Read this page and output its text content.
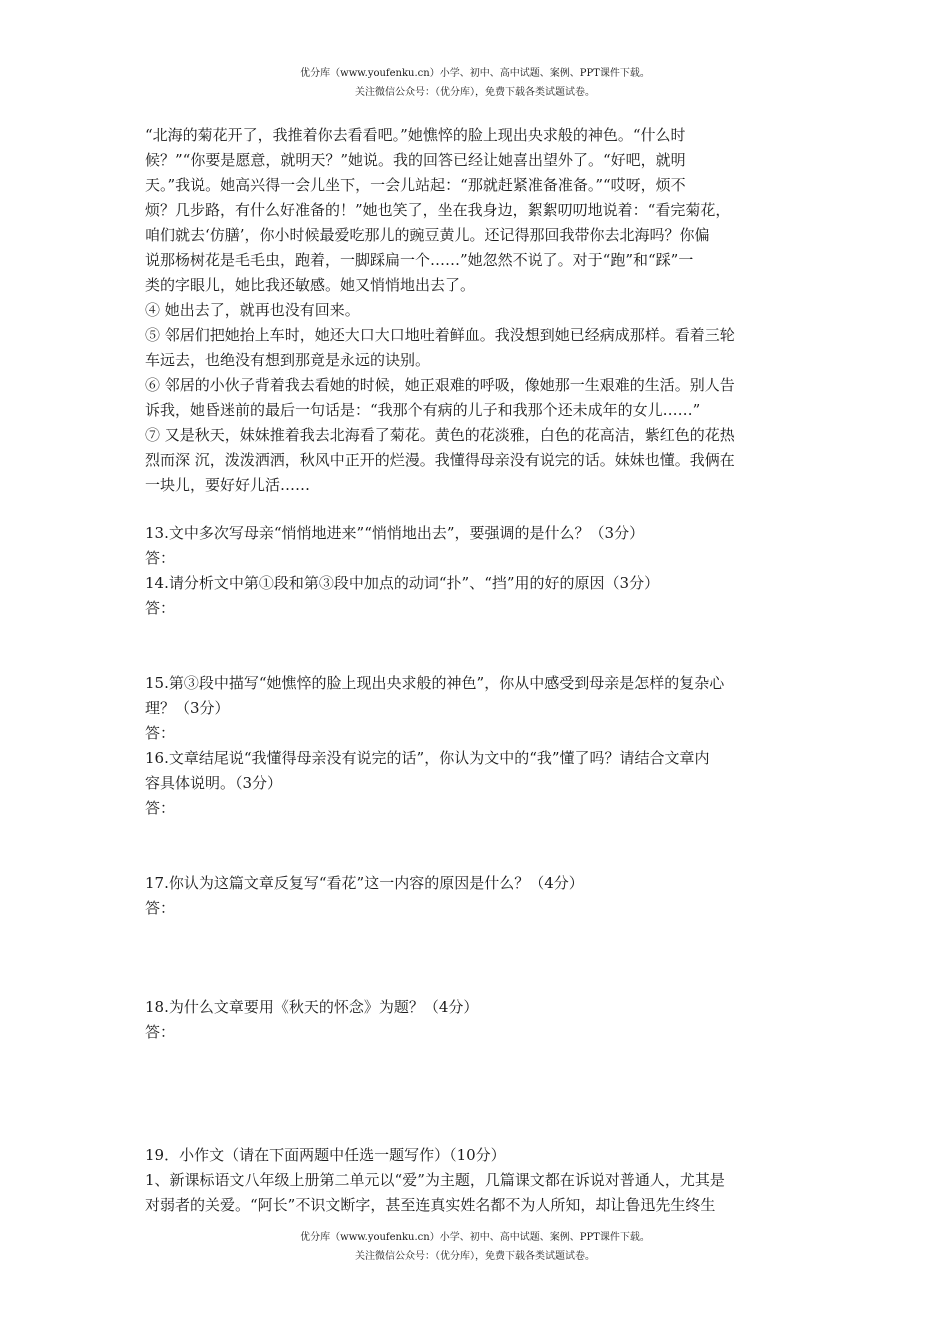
优分库（www.youfenku.cn）小学、初中、高中试题、案例、PPT课件下载。
关注微信公众号：（优分库），免费下载各类试题试卷。
“北海的菊花开了，我推着你去看看吧。”她憔悴的脸上现出央求般的神色。“什么时
候？”“你要是愿意，就明天？”她说。我的回答已经让她喜出望外了。“好吧，就明
天。”我说。她高兴得一会儿坐下，一会儿站起：“那就赶紧准备准备。”“哎呀，烦不
烦？几步路，有什么好准备的！”她也笑了，坐在我身边，絮絮叨叨地说着：“看完菊花，
咱们就去‘仿膳’，你小时候最爱吃那儿的豌豆黄儿。还记得那回我带你去北海吗？你偏
说那杨树花是毛毛虫，跑着，一脚踩扁一个……”她忽然不说了。对于“跑”和“踩”一
类的字眼儿，她比我还敏感。她又悄悄地出去了。
④ 她出去了，就再也没有回来。
⑤ 邻居们把她抬上车时，她还大口大口地吐着鲜血。我没想到她已经病成那样。看着三轮
车远去，也绝没有想到那竟是永远的诀别。
⑥ 邻居的小伙子背着我去看她的时候，她正艰难的呼吸，像她那一生艰难的生活。别人告
诉我，她昏迷前的最后一句话是：“我那个有病的儿子和我那个还未成年的女儿……”
⑦ 又是秋天，妹妹推着我去北海看了菊花。黄色的花淡雅，白色的花高洁，紫红色的花热
烈而深 沉，泼泼洒洒，秋风中正开的烂漫。我懂得母亲没有说完的话。妹妹也懂。我俩在
一块儿，要好好儿活……
13.文中多次写母亲“悄悄地进来”“悄悄地出去”，要强调的是什么？（3分）
答：
14.请分析文中第①段和第③段中加点的动词“扑”、“挡”用的好的原因（3分）
答：
15.第③段中描写“她憔悴的脸上现出央求般的神色”，你从中感受到母亲是怎样的复杂心
理？（3分）
答：
16.文章结尾说“我懂得母亲没有说完的话”，你认为文中的“我”懂了吗？请结合文章内
容具体说明。（3分）
答：
17.你认为这篇文章反复写“看花”这一内容的原因是什么？（4分）
答：
18.为什么文章要用《秋天的怀念》为题？（4分）
答：
19．小作文（请在下面两题中任选一题写作）（10分）
1、新课标语文八年级上册第二单元以“爱”为主题，几篇课文都在诉说对普通人，尤其是
对弱者的关爱。“阿长”不识文断字，甚至连真实姓名都不为人所知，却让鲁迅先生终生
优分库（www.youfenku.cn）小学、初中、高中试题、案例、PPT课件下载。
关注微信公众号：（优分库），免费下载各类试题试卷。
